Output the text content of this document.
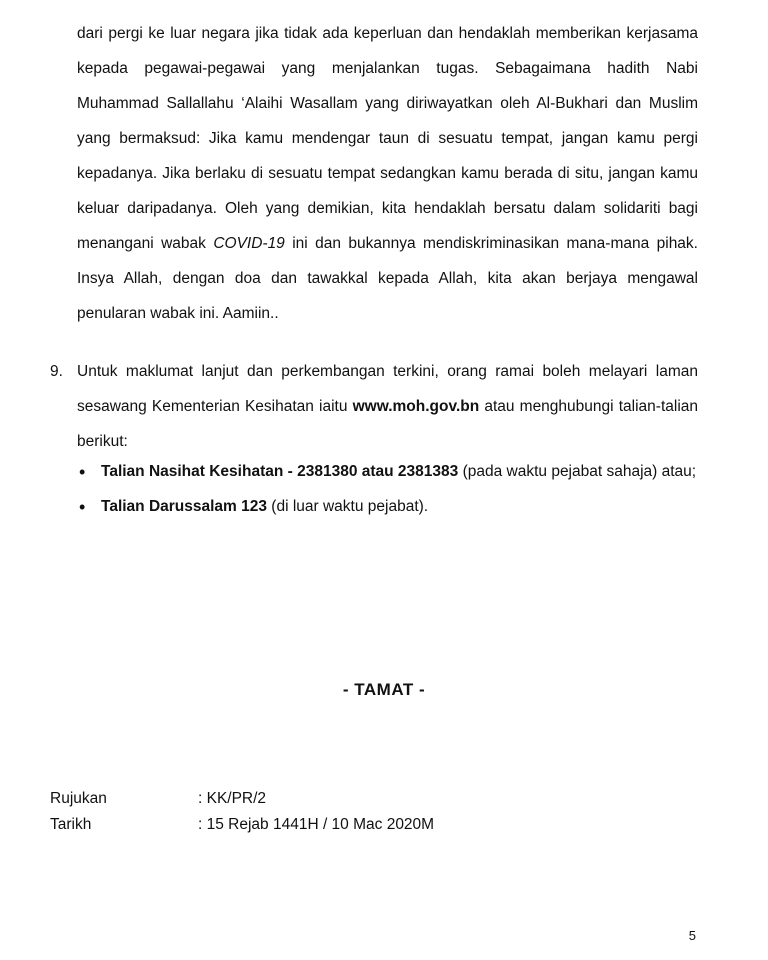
dari pergi ke luar negara jika tidak ada keperluan dan hendaklah memberikan kerjasama kepada pegawai-pegawai yang menjalankan tugas. Sebagaimana hadith Nabi Muhammad Sallallahu ‘Alaihi Wasallam yang diriwayatkan oleh Al-Bukhari dan Muslim yang bermaksud: Jika kamu mendengar taun di sesuatu tempat, jangan kamu pergi kepadanya. Jika berlaku di sesuatu tempat sedangkan kamu berada di situ, jangan kamu keluar daripadanya. Oleh yang demikian, kita hendaklah bersatu dalam solidariti bagi menangani wabak COVID-19 ini dan bukannya mendiskriminasikan mana-mana pihak. Insya Allah, dengan doa dan tawakkal kepada Allah, kita akan berjaya mengawal penularan wabak ini. Aamiin..

9. Untuk maklumat lanjut dan perkembangan terkini, orang ramai boleh melayari laman sesawang Kementerian Kesihatan iaitu www.moh.gov.bn atau menghubungi talian-talian berikut:

• Talian Nasihat Kesihatan - 2381380 atau 2381383 (pada waktu pejabat sahaja) atau;
• Talian Darussalam 123 (di luar waktu pejabat).
- TAMAT -
Rujukan	: KK/PR/2
Tarikh	: 15 Rejab 1441H / 10 Mac 2020M
5
